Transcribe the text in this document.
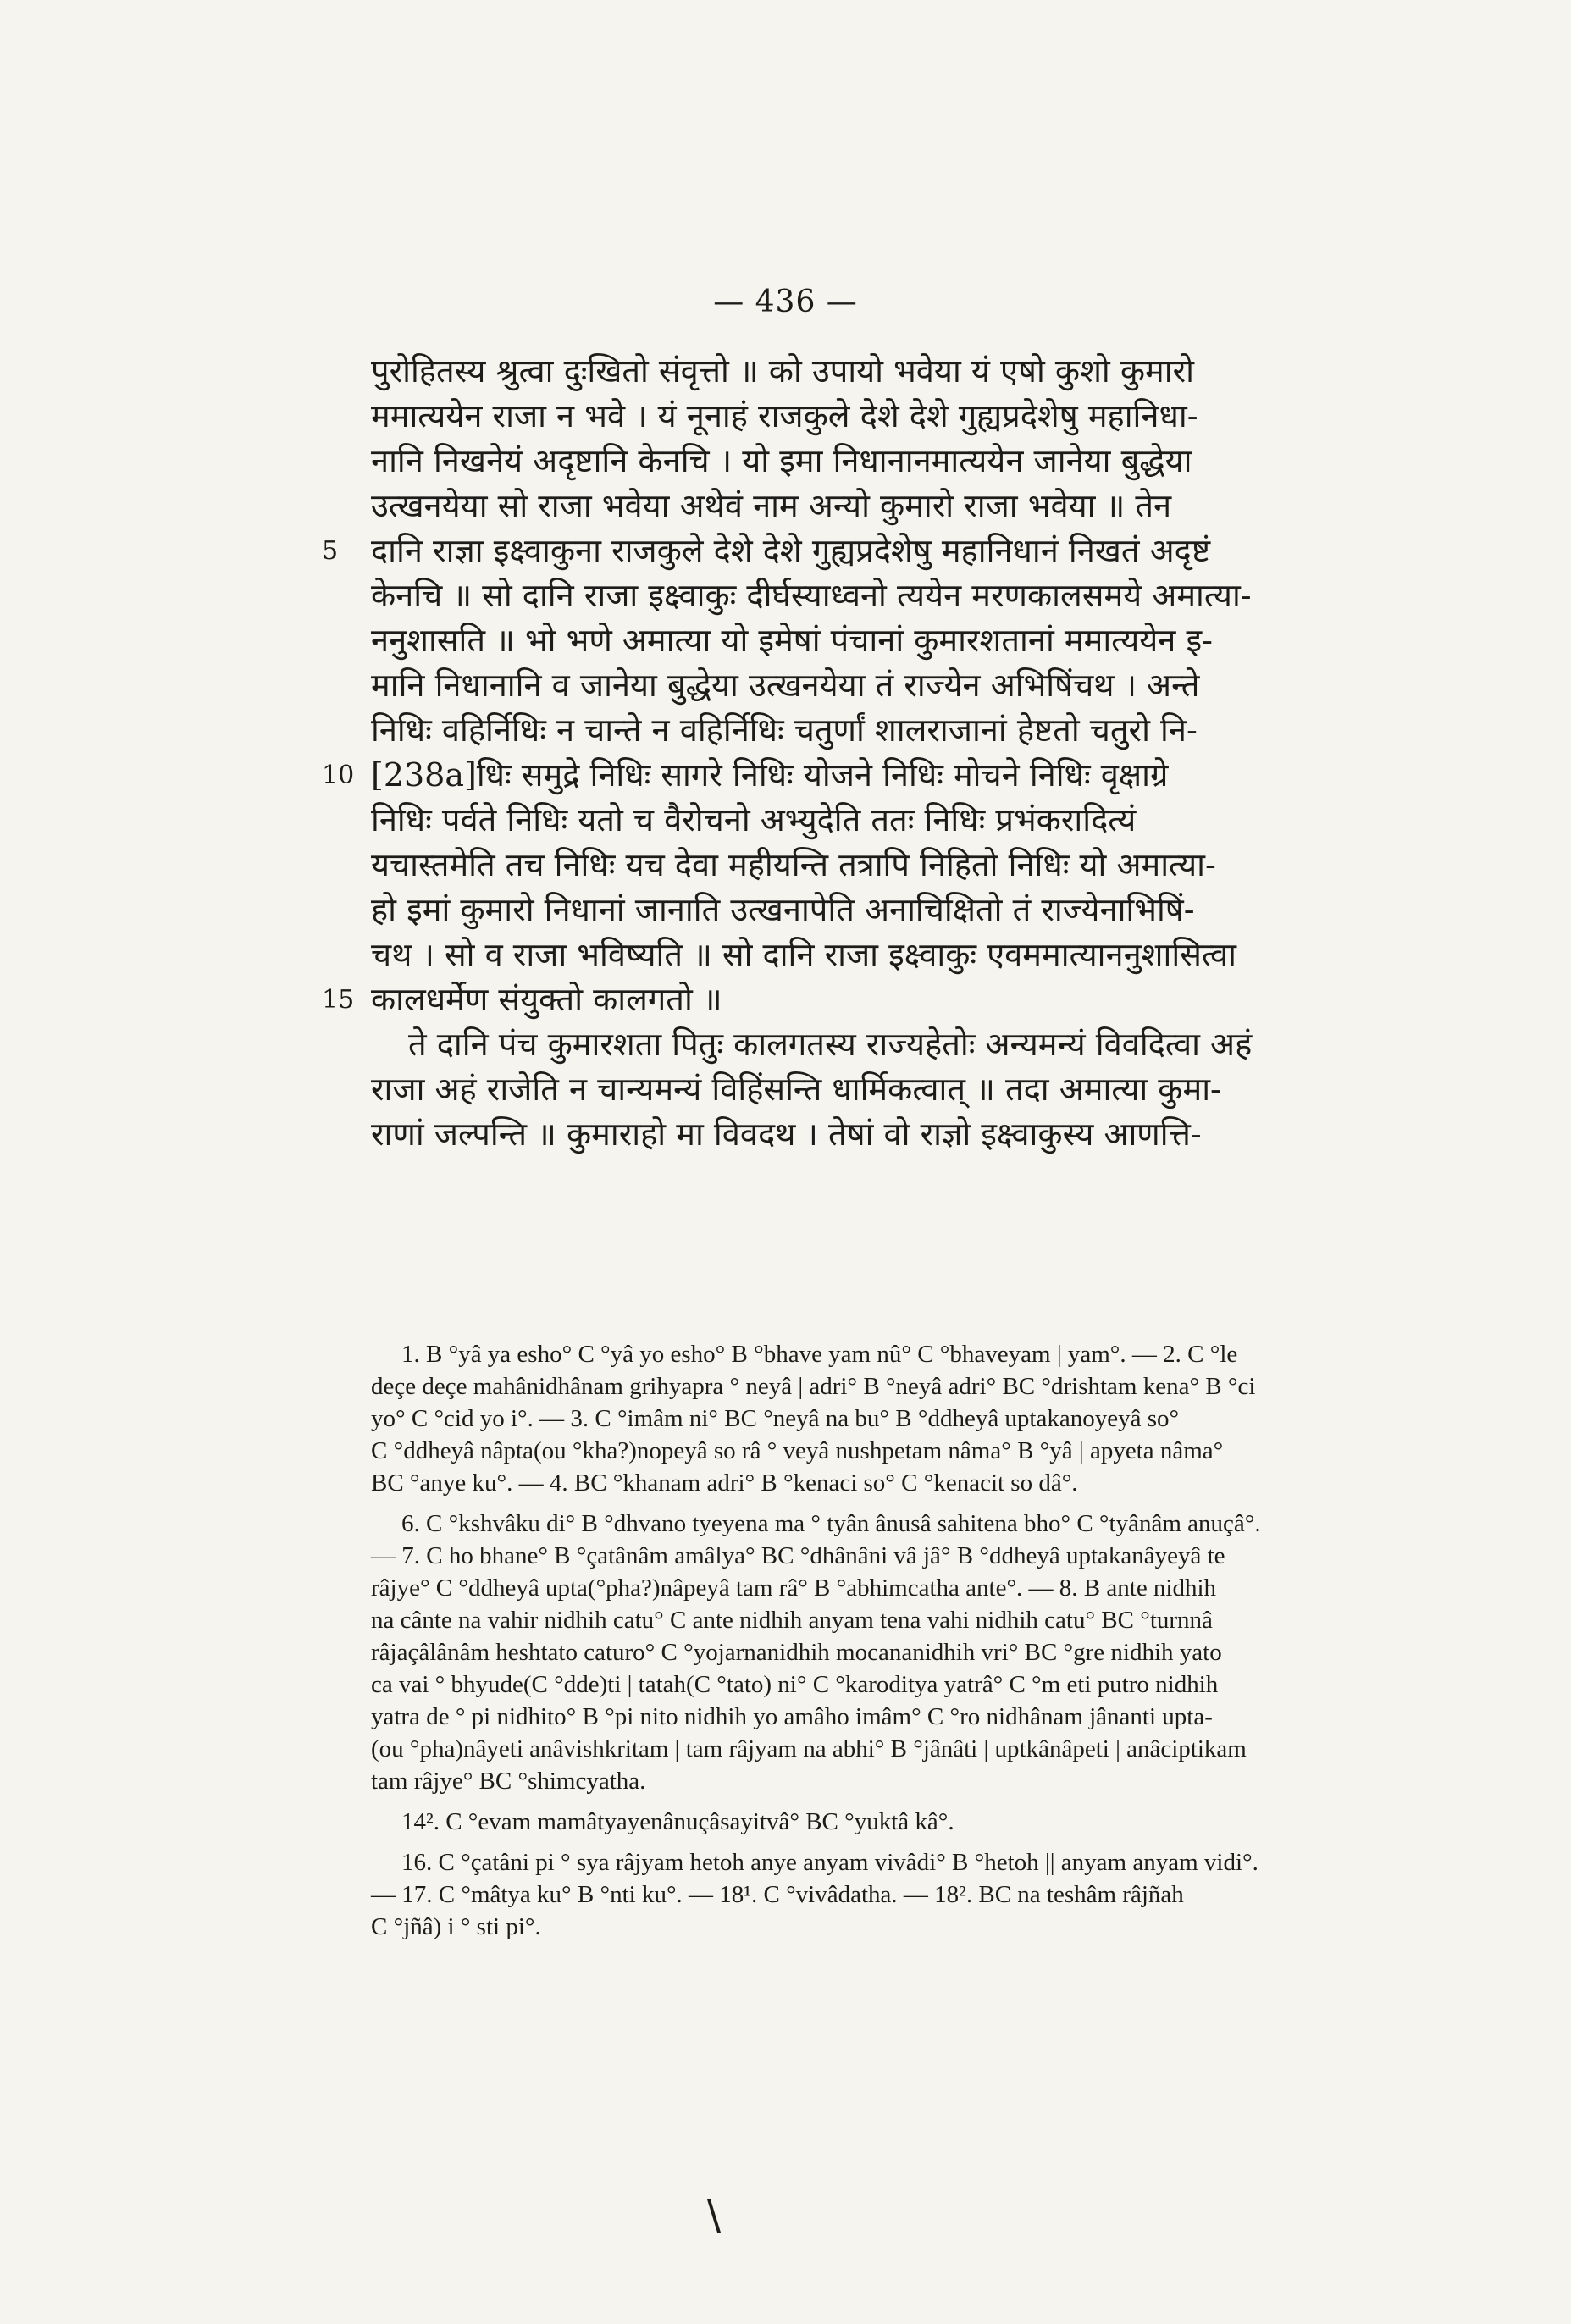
— 436 —
पुरोहितस्य श्रुत्वा दुःखितो संवृत्तो ॥ को उपायो भवेया यं एषो कुशो कुमारो
ममात्ययेन राजा न भवे । यं नूनाहं राजकुले देशे देशे गुह्यप्रदेशेषु महानिधा-
नानि निखनेयं अदृष्टानि केनचि । यो इमा निधानानमात्ययेन जानेया बुद्धेया
उत्खनयेया सो राजा भवेया अथेवं नाम अन्यो कुमारो राजा भवेया ॥ तेन
5 दानि राज्ञा इक्ष्वाकुना राजकुले देशे देशे गुह्यप्रदेशेषु महानिधानं निखतं अदृष्टं
केनचि ॥ सो दानि राजा इक्ष्वाकुः दीर्घस्याध्वनो त्ययेन मरणकालसमये अमात्या-
ननुशासति ॥ भो भणे अमात्या यो इमेषां पंचानां कुमारशतानां ममात्ययेन इ-
मानि निधानानि व जानेया बुद्धेया उत्खनयेया तं राज्येन अभिषिंचथ । अन्ते
निधिः वहिर्निधिः न चान्ते न वहिर्निधिः चतुर्णां शालराजानां हेष्टतो चतुरो नि-
10 [238a]धिः समुद्रे निधिः सागरे निधिः योजने निधिः मोचने निधिः वृक्षाग्रे
निधिः पर्वते निधिः यतो च वैरोचनो अभ्युदेति ततः निधिः प्रभंकरादित्यं
यचास्तमेति तच निधिः यच देवा महीयन्ति तत्रापि निहितो निधिः यो अमात्या-
हो इमां कुमारो निधानां जानाति उत्खनापेति अनाचिक्षितो तं राज्येनाभिषिं-
चथ । सो व राजा भविष्यति ॥ सो दानि राजा इक्ष्वाकुः एवममात्याननुशासित्वा
15 कालधर्मेण संयुक्तो कालगतो ॥
ते दानि पंच कुमारशता पितुः कालगतस्य राज्यहेतोः अन्यमन्यं विवदित्वा अहं
राजा अहं राजेति न चान्यमन्यं विहिंसन्ति धार्मिकत्वात् ॥ तदा अमात्या कुमा-
राणां जल्पन्ति ॥ कुमाराहो मा विवदथ । तेषां वो राज्ञो इक्ष्वाकुस्य आणत्ति-
1. B °yâ ya esho° C °yâ yo esho° B °bhave yam nû° C °bhaveyam | yam°. — 2. C °le
deçe deçe mahânidhânam grihyapra ° neyâ | adri° B °neyâ adri° BC °drishtam kena° B °ci
yo° C °cid yo i°. — 3. C °imâm ni° BC °neyâ na bu° B °ddheyâ uptakanoyeyâ so°
C °ddheyâ nâpta(ou °kha?)nopeyâ so râ ° veyâ nushpetam nâma° B °yâ | apyeta nâma°
BC °anye ku°. — 4. BC °khanam adri° B °kenaci so° C °kenacit so dâ°.
6. C °kshvâku di° B °dhvano tyeyena ma ° tyân ânusâ sahitena bho° C °tyânâm anuçâ°.
— 7. C ho bhane° B °çatânâm amâlya° BC °dhânâni vâ jâ° B °ddheyâ uptakanâyeyâ te
râjye° C °ddheyâ upta(°pha?)nâpeyâ tam râ° B °abhimcatha ante°. — 8. B ante nidhih
na cânte na vahir nidhih catu° C ante nidhih anyam tena vahi nidhih catu° BC °turnnâ
râjaçâlânâm heshtato caturo° C °yojarnanidhih mocananidhih vri° BC °gre nidhih yato
ca vai ° bhyude(C °dde)ti | tatah(C °tato) ni° C °karoditya yatrâ° C °m eti putro nidhih
yatra de ° pi nidhito° B °pi nito nidhih yo amâho imâm° C °ro nidhânam jânanti upta-
(ou °pha)nâyeti anâvishkritam | tam râjyam na abhi° B °jânâti | uptkânâpeti | anâciptikam
tam râjye° BC °shimcyatha.
14². C °evam mamâtyayenânuçâsayitvâ° BC °yuktâ kâ°.
16. C °çatâni pi ° sya râjyam hetoh anye anyam vivâdi° B °hetoh || anyam anyam vidi°.
— 17. C °mâtya ku° B °nti ku°. — 18¹. C °vivâdatha. — 18². BC na teshâm râjñah
C °jñâ) i ° sti pi°.
\
